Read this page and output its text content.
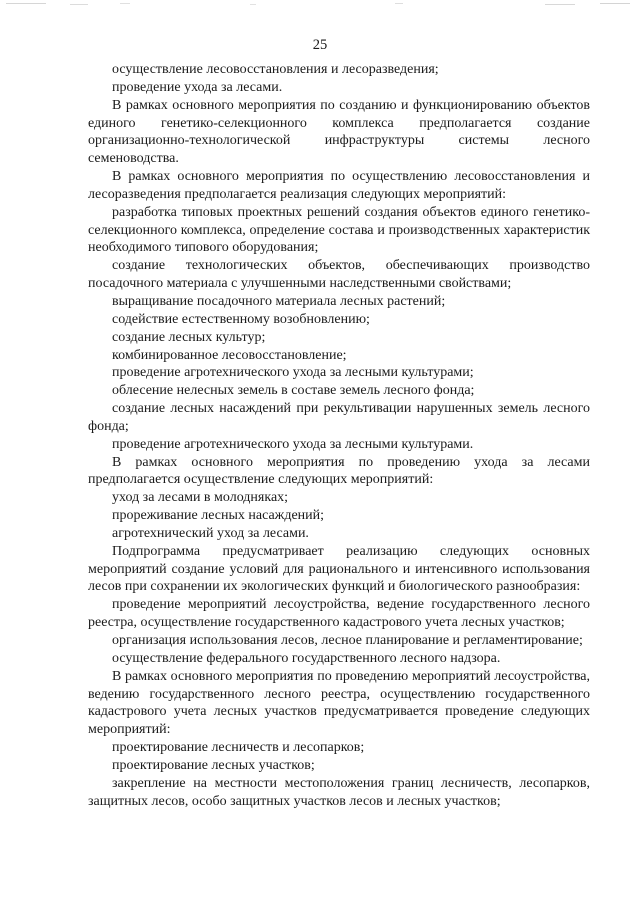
25

осуществление лесовосстановления и лесоразведения;

проведение ухода за лесами.

В рамках основного мероприятия по созданию и функционированию объектов единого генетико-селекционного комплекса предполагается создание организационно-технологической инфраструктуры системы лесного семеноводства.

В рамках основного мероприятия по осуществлению лесовосстановления и лесоразведения предполагается реализация следующих мероприятий:

разработка типовых проектных решений создания объектов единого генетико-селекционного комплекса, определение состава и производственных характеристик необходимого типового оборудования;

создание технологических объектов, обеспечивающих производство посадочного материала с улучшенными наследственными свойствами;

выращивание посадочного материала лесных растений;

содействие естественному возобновлению;

создание лесных культур;

комбинированное лесовосстановление;

проведение агротехнического ухода за лесными культурами;

облесение нелесных земель в составе земель лесного фонда;

создание лесных насаждений при рекультивации нарушенных земель лесного фонда;

проведение агротехнического ухода за лесными культурами.

В рамках основного мероприятия по проведению ухода за лесами предполагается осуществление следующих мероприятий:

уход за лесами в молодняках;

прореживание лесных насаждений;

агротехнический уход за лесами.

Подпрограмма предусматривает реализацию следующих основных мероприятий создание условий для рационального и интенсивного использования лесов при сохранении их экологических функций и биологического разнообразия:

проведение мероприятий лесоустройства, ведение государственного лесного реестра, осуществление государственного кадастрового учета лесных участков;

организация использования лесов, лесное планирование и регламентирование;

осуществление федерального государственного лесного надзора.

В рамках основного мероприятия по проведению мероприятий лесоустройства, ведению государственного лесного реестра, осуществлению государственного кадастрового учета лесных участков предусматривается проведение следующих мероприятий:

проектирование лесничеств и лесопарков;

проектирование лесных участков;

закрепление на местности местоположения границ лесничеств, лесопарков, защитных лесов, особо защитных участков лесов и лесных участков;
